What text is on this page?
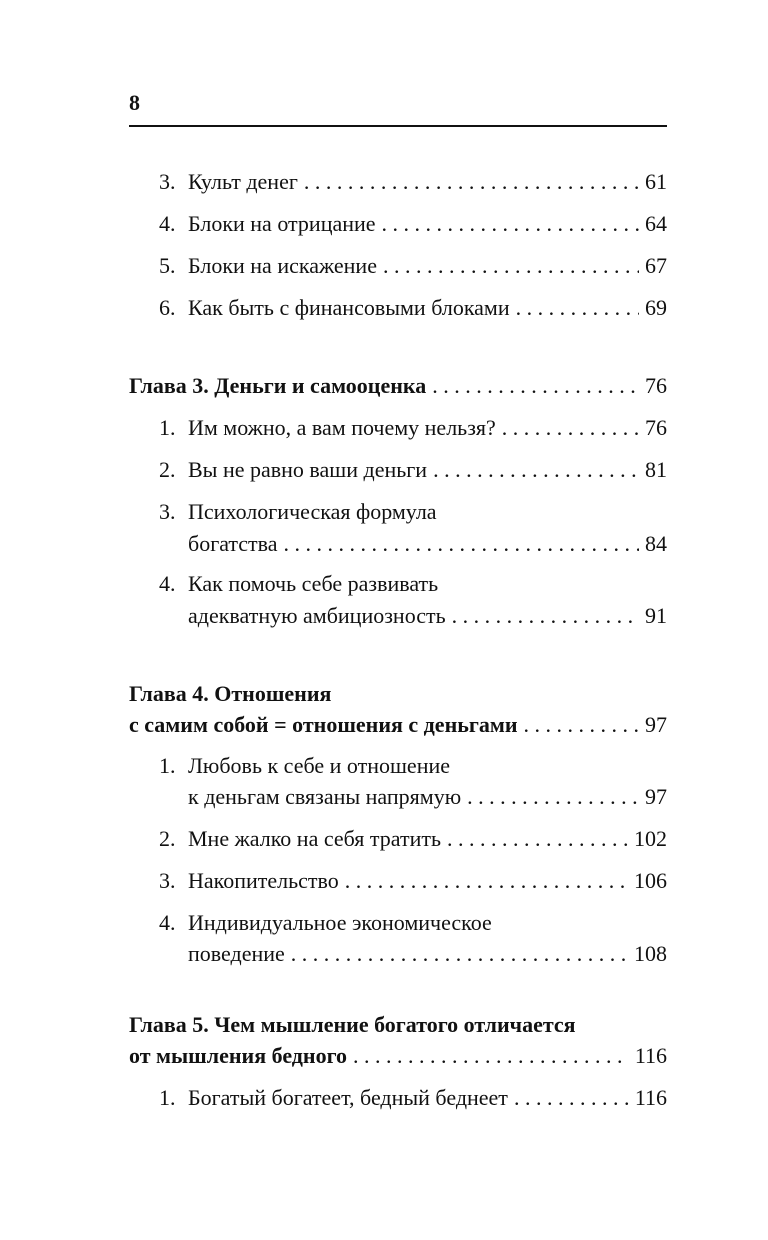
8
3. Культ денег . . .	61
4. Блоки на отрицание . . .	64
5. Блоки на искажение . . .	67
6. Как быть с финансовыми блоками . . .	69
Глава 3. Деньги и самооценка . . .	76
1. Им можно, а вам почему нельзя? . . .	76
2. Вы не равно ваши деньги . . .	81
3. Психологическая формула
богатства . . .	84
4. Как помочь себе развивать
адекватную амбициозность . . .	91
Глава 4. Отношения
с самим собой = отношения с деньгами . . .	97
1. Любовь к себе и отношение
к деньгам связаны напрямую . . .	97
2. Мне жалко на себя тратить . . .	102
3. Накопительство . . .	106
4. Индивидуальное экономическое
поведение . . .	108
Глава 5. Чем мышление богатого отличается
от мышления бедного . . .	116
1. Богатый богатеет, бедный беднеет . . .	116
